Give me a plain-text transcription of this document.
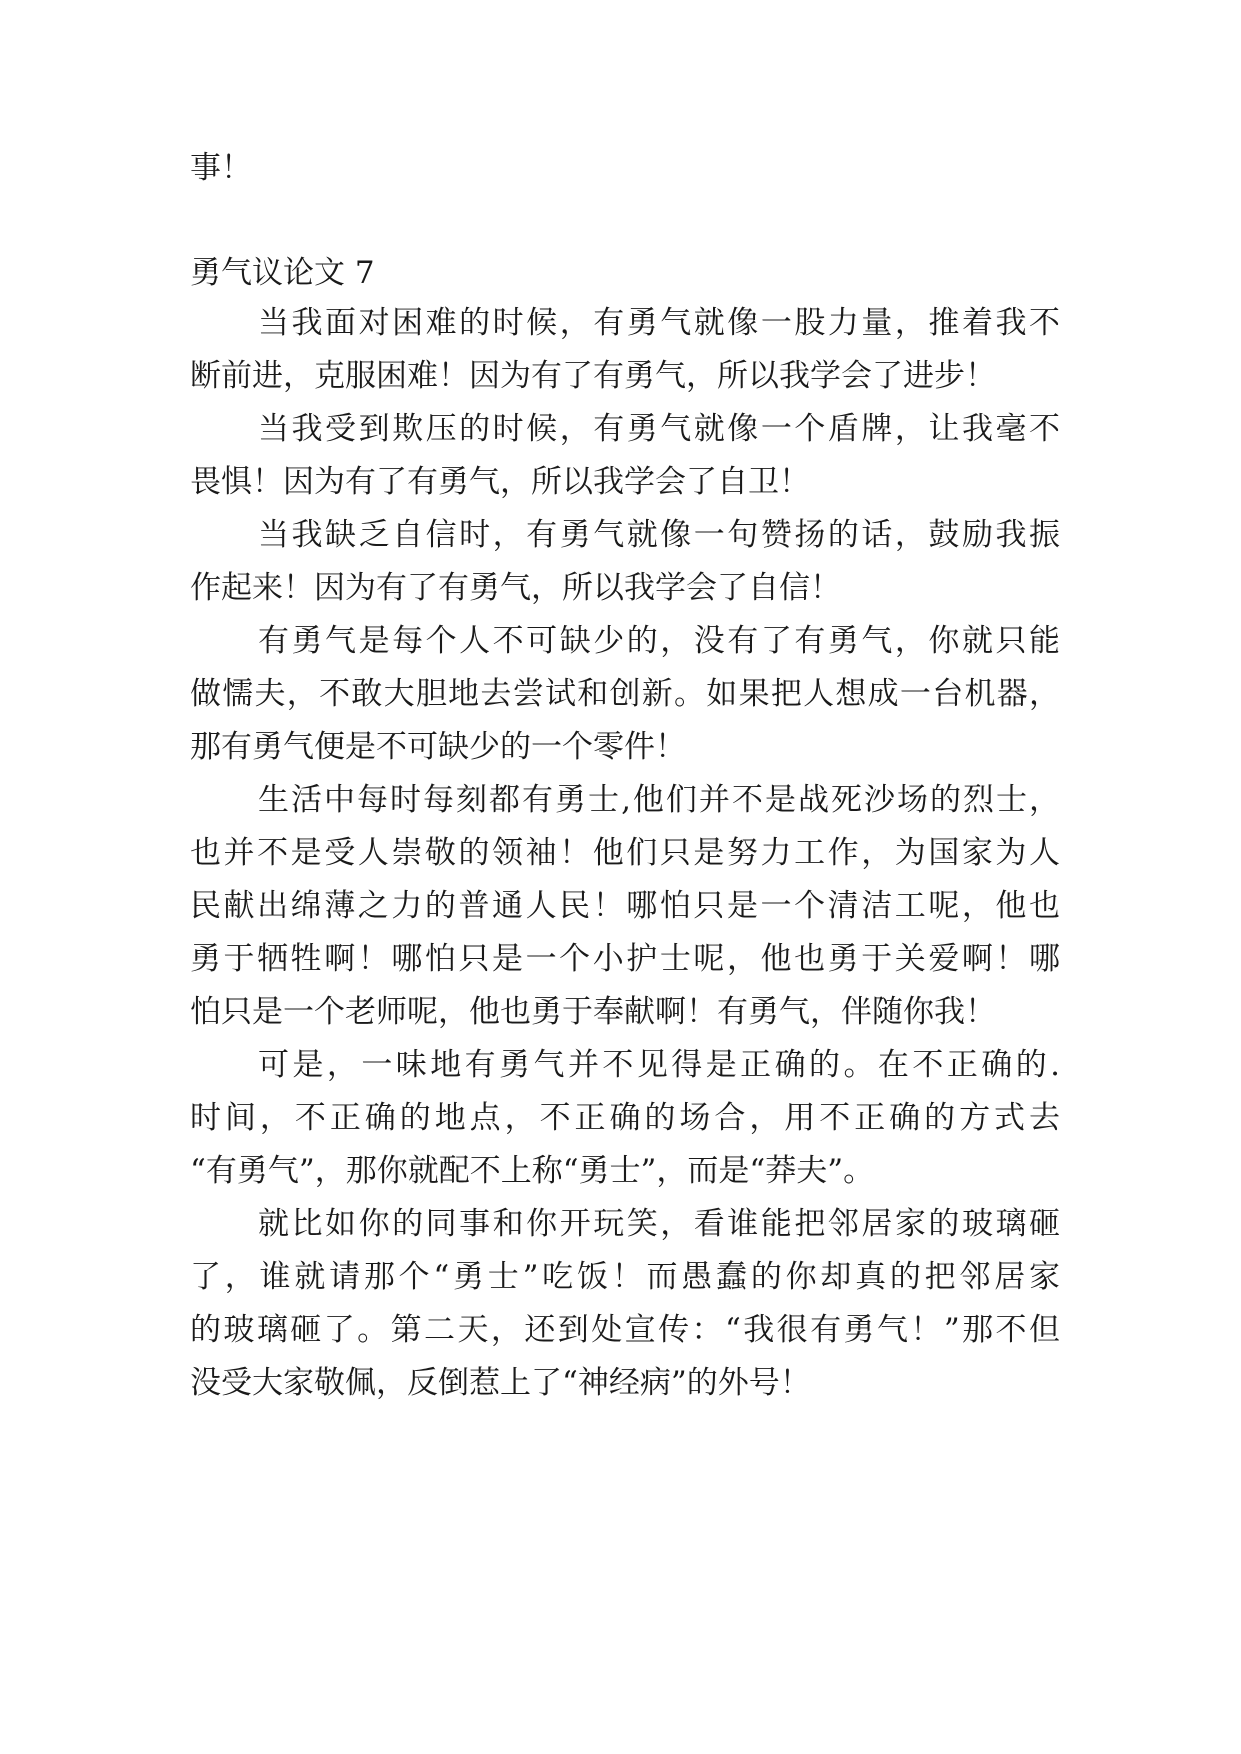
事！
勇气议论文 7
当我面对困难的时候，有勇气就像一股力量，推着我不
断前进，克服困难！因为有了有勇气，所以我学会了进步！
当我受到欺压的时候，有勇气就像一个盾牌，让我毫不
畏惧！因为有了有勇气，所以我学会了自卫！
当我缺乏自信时，有勇气就像一句赞扬的话，鼓励我振
作起来！因为有了有勇气，所以我学会了自信！
有勇气是每个人不可缺少的，没有了有勇气，你就只能
做懦夫，不敢大胆地去尝试和创新。如果把人想成一台机器，
那有勇气便是不可缺少的一个零件！
生活中每时每刻都有勇士,他们并不是战死沙场的烈士，
也并不是受人崇敬的领袖！他们只是努力工作，为国家为人
民献出绵薄之力的普通人民！哪怕只是一个清洁工呢，他也
勇于牺牲啊！哪怕只是一个小护士呢，他也勇于关爱啊！哪
怕只是一个老师呢，他也勇于奉献啊！有勇气，伴随你我！
可是，一味地有勇气并不见得是正确的。在不正确的.
时间，不正确的地点，不正确的场合，用不正确的方式去
“有勇气”，那你就配不上称“勇士”，而是“莽夫”。
就比如你的同事和你开玩笑，看谁能把邻居家的玻璃砸
了，谁就请那个“勇士”吃饭！而愚蠢的你却真的把邻居家
的玻璃砸了。第二天，还到处宣传：“我很有勇气！”那不但
没受大家敬佩，反倒惹上了“神经病”的外号！
